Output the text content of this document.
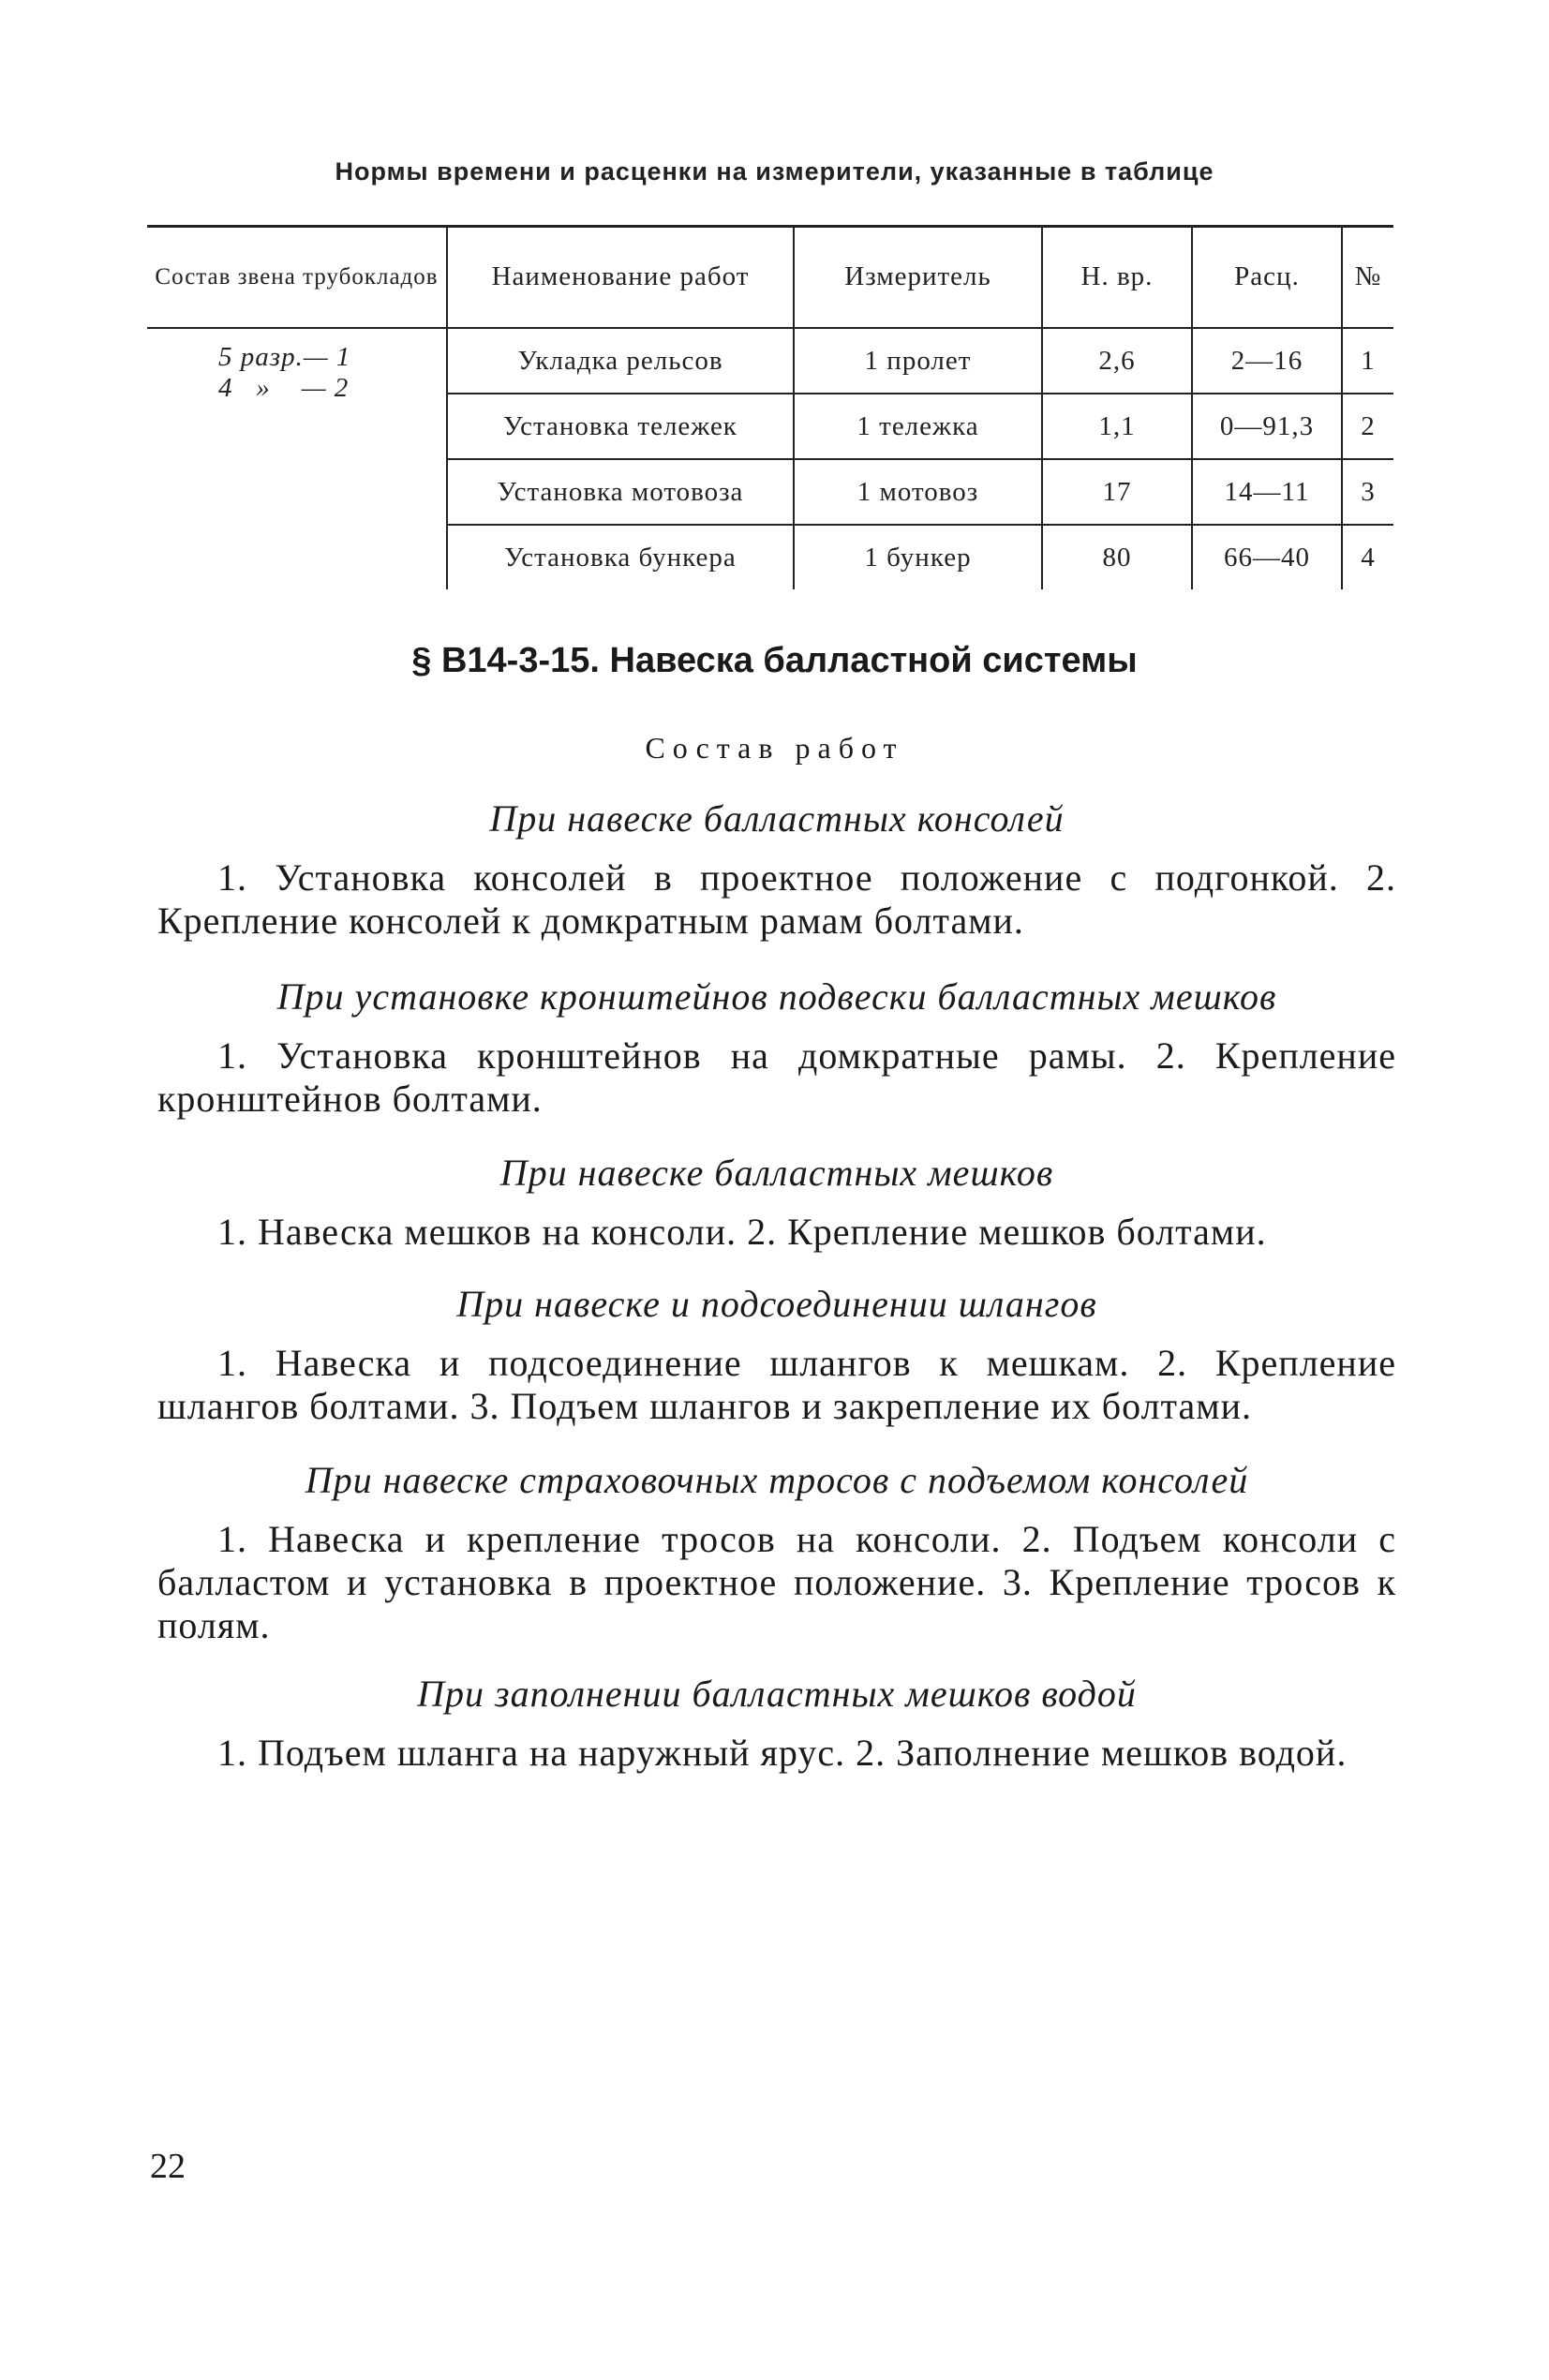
Нормы времени и расценки на измерители, указанные в таблице
Состав звена трубокладов	Наименование работ	Измеритель	Н. вр.	Расц.	№

5 разр.— 1
4   »    — 2	Укладка рельсов	1 пролет	2,6	2—16	1
	Установка тележек	1 тележка	1,1	0—91,3	2
	Установка мотовоза	1 мотовоз	17	14—11	3
	Установка бункера	1 бункер	80	66—40	4
§ В14-3-15. Навеска балластной системы
Состав работ
При навеске балластных консолей
1. Установка консолей в проектное положение с подгонкой. 2. Крепление консолей к домкратным рамам болтами.
При установке кронштейнов подвески балластных мешков
1. Установка кронштейнов на домкратные рамы. 2. Крепление кронштейнов болтами.
При навеске балластных мешков
1. Навеска мешков на консоли. 2. Крепление мешков болтами.
При навеске и подсоединении шлангов
1. Навеска и подсоединение шлангов к мешкам. 2. Крепление шлангов болтами. 3. Подъем шлангов и закрепление их болтами.
При навеске страховочных тросов с подъемом консолей
1. Навеска и крепление тросов на консоли. 2. Подъем консоли с балластом и установка в проектное положение. 3. Крепление тросов к полям.
При заполнении балластных мешков водой
1. Подъем шланга на наружный ярус. 2. Заполнение мешков водой.
22
